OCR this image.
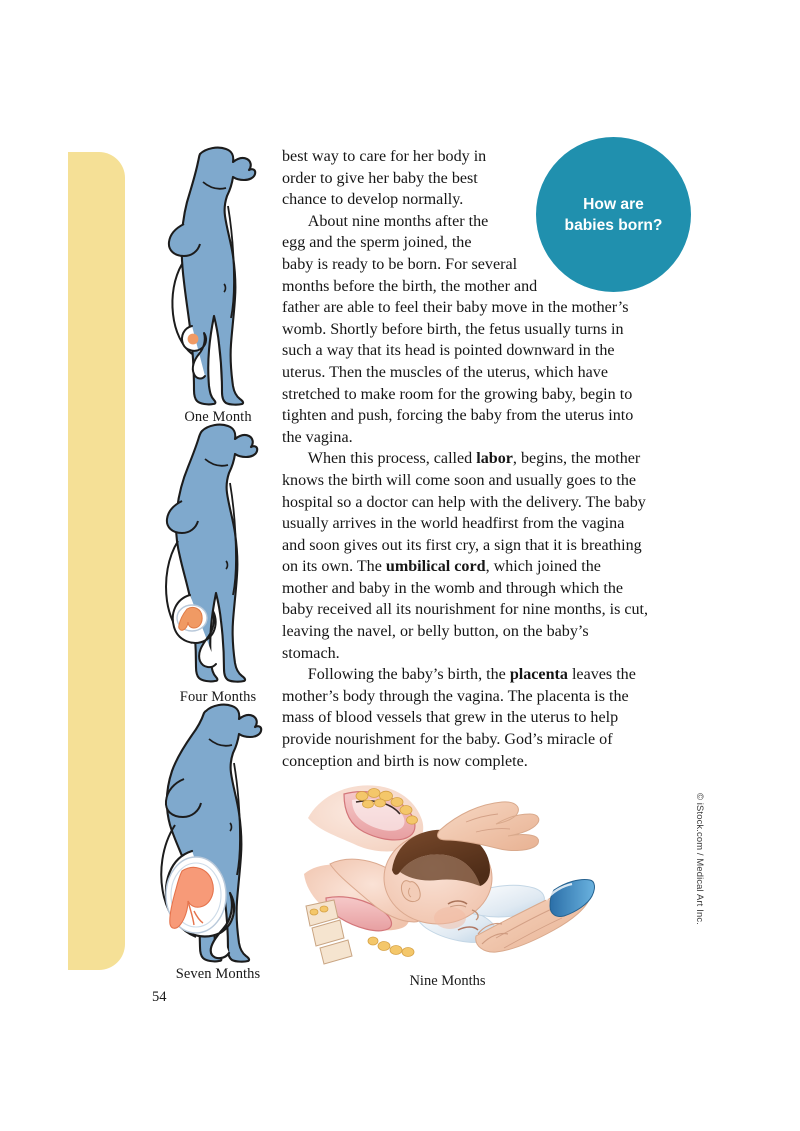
How are
babies born?
One Month
Four Months
Seven Months

best way to care for her body in order to give her baby the best chance to develop normally.

About nine months after the egg and the sperm joined, the baby is ready to be born. For several months before the birth, the mother and father are able to feel their baby move in the mother’s womb. Shortly before birth, the fetus usually turns in such a way that its head is pointed downward in the uterus. Then the muscles of the uterus, which have stretched to make room for the growing baby, begin to tighten and push, forcing the baby from the uterus into the vagina.

When this process, called labor, begins, the mother knows the birth will come soon and usually goes to the hospital so a doctor can help with the delivery. The baby usually arrives in the world headfirst from the vagina and soon gives out its first cry, a sign that it is breathing on its own. The umbilical cord, which joined the mother and baby in the womb and through which the baby received all its nourishment for nine months, is cut, leaving the navel, or belly button, on the baby’s stomach.

Following the baby’s birth, the placenta leaves the mother’s body through the vagina. The placenta is the mass of blood vessels that grew in the uterus to help provide nourishment for the baby. God’s miracle of conception and birth is now complete.

Nine Months
54
© iStock.com / Medical Art Inc.
